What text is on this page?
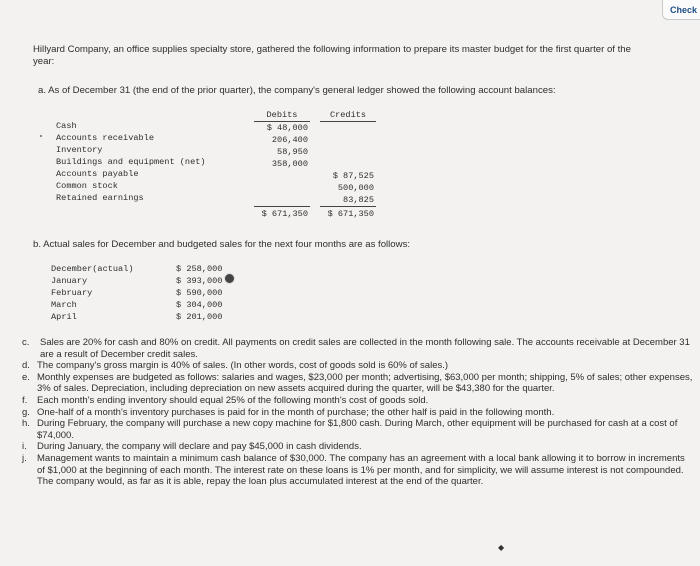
Check
Hillyard Company, an office supplies specialty store, gathered the following information to prepare its master budget for the first quarter of the year:
a. As of December 31 (the end of the prior quarter), the company's general ledger showed the following account balances:
Cash
Accounts receivable
Inventory
Buildings and equipment (net)
Accounts payable
Common stock
Retained earnings
Debits	Credits
$ 48,000
206,400
58,950
358,000
$ 87,525
500,000
83,825
$ 671,350	$ 671,350
b. Actual sales for December and budgeted sales for the next four months are as follows:
December(actual)
January
February
March
April
$ 258,000
$ 393,000
$ 590,000
$ 304,000
$ 201,000
c. Sales are 20% for cash and 80% on credit. All payments on credit sales are collected in the month following sale. The accounts receivable at December 31 are a result of December credit sales.
d. The company's gross margin is 40% of sales. (In other words, cost of goods sold is 60% of sales.)
e. Monthly expenses are budgeted as follows: salaries and wages, $23,000 per month; advertising, $63,000 per month; shipping, 5% of sales; other expenses, 3% of sales. Depreciation, including depreciation on new assets acquired during the quarter, will be $43,380 for the quarter.
f. Each month's ending inventory should equal 25% of the following month's cost of goods sold.
g. One-half of a month's inventory purchases is paid for in the month of purchase; the other half is paid in the following month.
h. During February, the company will purchase a new copy machine for $1,800 cash. During March, other equipment will be purchased for cash at a cost of $74,000.
i. During January, the company will declare and pay $45,000 in cash dividends.
j. Management wants to maintain a minimum cash balance of $30,000. The company has an agreement with a local bank allowing it to borrow in increments of $1,000 at the beginning of each month. The interest rate on these loans is 1% per month, and for simplicity, we will assume interest is not compounded. The company would, as far as it is able, repay the loan plus accumulated interest at the end of the quarter.
◆
